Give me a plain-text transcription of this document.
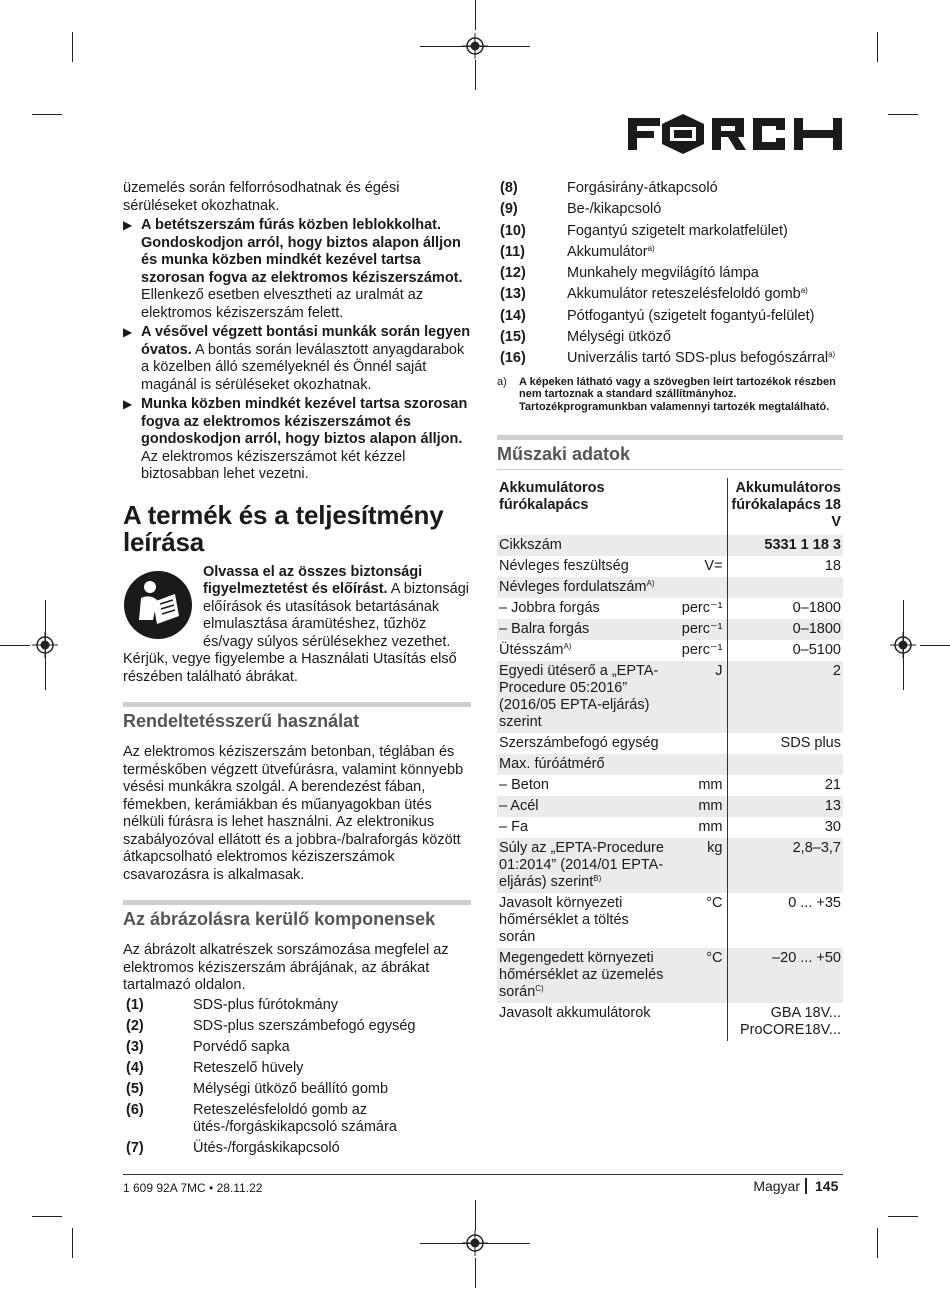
üzemelés során felforrósodhatnak és égési sérüléseket okozhatnak.

▶ A betétszerszám fúrás közben leblokkolhat. Gondoskodjon arról, hogy biztos alapon álljon és munka közben mindkét kezével tartsa szorosan fogva az elektromos kéziszerszámot. Ellenkező esetben elvesztheti az uralmát az elektromos kéziszerszám felett.
▶ A vésővel végzett bontási munkák során legyen óvatos. A bontás során leválasztott anyagdarabok a közelben álló személyeknél és Önnél saját magánál is sérüléseket okozhatnak.
▶ Munka közben mindkét kezével tartsa szorosan fogva az elektromos kéziszerszámot és gondoskodjon arról, hogy biztos alapon álljon. Az elektromos kéziszerszámot két kézzel biztosabban lehet vezetni.
A termék és a teljesítmény leírása
Olvassa el az összes biztonsági figyelmeztetést és előírást. A biztonsági előírások és utasítások betartásának elmulasztása áramütéshez, tűzhöz és/vagy súlyos sérülésekhez vezethet.

Kérjük, vegye figyelembe a Használati Utasítás első részében található ábrákat.

Rendeltetésszerű használat

Az elektromos kéziszerszám betonban, téglában és terméskőben végzett ütvefúrásra, valamint könnyebb vésési munkákra szolgál. A berendezést fában, fémekben, kerámiákban és műanyagokban ütés nélküli fúrásra is lehet használni. Az elektronikus szabályozóval ellátott és a jobbra-/balraforgás között átkapcsolható elektromos kéziszerszámok csavarozásra is alkalmasak.

Az ábrázolásra kerülő komponensek

Az ábrázolt alkatrészek sorszámozása megfelel az elektromos kéziszerszám ábrájának, az ábrákat tartalmazó oldalon.

(1)	SDS-plus fúrótokmány
(2)	SDS-plus szerszámbefogó egység
(3)	Porvédő sapka
(4)	Reteszelő hüvely
(5)	Mélységi ütköző beállító gomb
(6)	Reteszelésfeloldó gomb az ütés-/forgáskikapcsoló számára
(7)	Ütés-/forgáskikapcsoló
(8)	Forgásirány-átkapcsoló
(9)	Be-/kikapcsoló
(10)	Fogantyú szigetelt markolatfelület)
(11)	Akkumulátor$^{a)}$
(12)	Munkahely megvilágító lámpa
(13)	Akkumulátor reteszelésfeloldó gomb$^{a)}$
(14)	Pótfogantyú (szigetelt fogantyú-felület)
(15)	Mélységi ütköző
(16)	Univerzális tartó SDS-plus befogószárral$^{a)}$
a)	A képeken látható vagy a szövegben leírt tartozékok részben nem tartoznak a standard szállítmányhoz. Tartozékprogramunkban valamennyi tartozék megtalálható.
Műszaki adatok
Akkumulátoros fúrókalapács		Akkumulátoros fúrókalapács 18 V
Cikkszám		5331 1 18 3
Névleges feszültség	V=	18
Névleges fordulatszám$^{A)}$		
– Jobbra forgás	perc⁻¹	0–1800
– Balra forgás	perc⁻¹	0–1800
Ütésszám$^{A)}$	perc⁻¹	0–5100
Egyedi ütéserő a „EPTA-Procedure 05:2016” (2016/05 EPTA-eljárás) szerint	J	2
Szerszámbefogó egység		SDS plus
Max. fúróátmérő		
– Beton	mm	21
– Acél	mm	13
– Fa	mm	30
Súly az „EPTA-Procedure 01:2014” (2014/01 EPTA-eljárás) szerint$^{B)}$	kg	2,8–3,7
Javasolt környezeti hőmérséklet a töltés során	°C	0 ... +35
Megengedett környezeti hőmérséklet az üzemelés során$^{C)}$	°C	–20 ... +50
Javasolt akkumulátorok		GBA 18V... ProCORE18V...
1 609 92A 7MC • 28.11.22	Magyar 145
